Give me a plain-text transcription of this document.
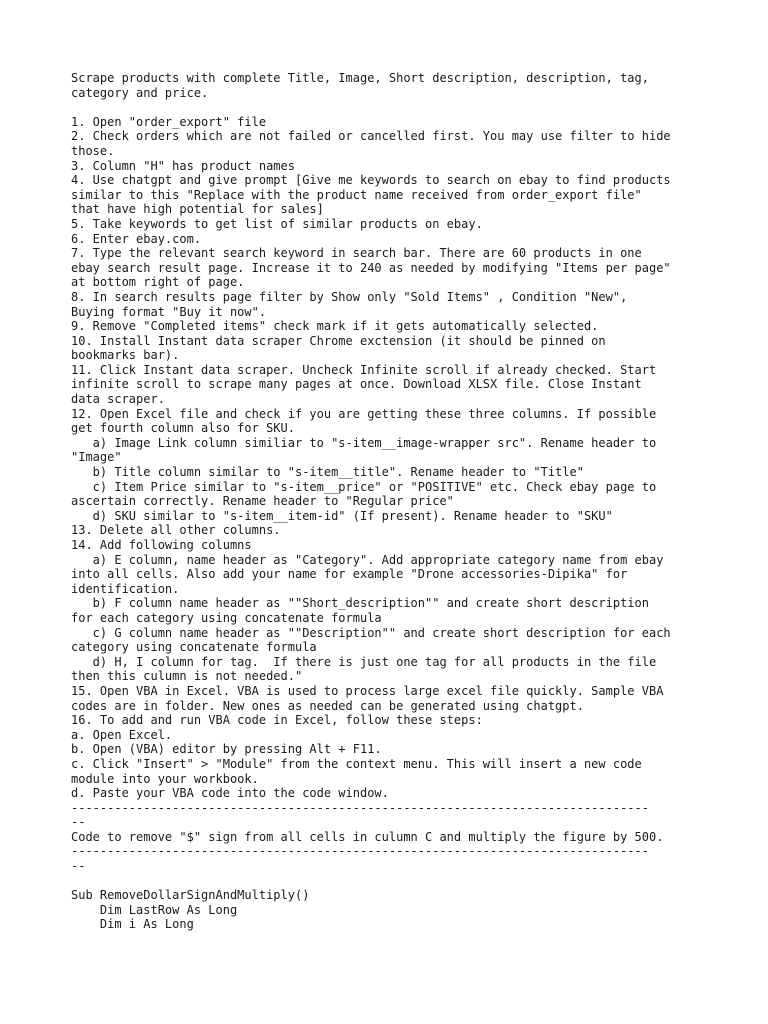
Scrape products with complete Title, Image, Short description, description, tag,
category and price.
1. Open "order_export" file
2. Check orders which are not failed or cancelled first. You may use filter to hide
those.
3. Column "H" has product names
4. Use chatgpt and give prompt [Give me keywords to search on ebay to find products
similar to this "Replace with the product name received from order_export file"
that have high potential for sales]
5. Take keywords to get list of similar products on ebay.
6. Enter ebay.com.
7. Type the relevant search keyword in search bar. There are 60 products in one
ebay search result page. Increase it to 240 as needed by modifying "Items per page"
at bottom right of page.
8. In search results page filter by Show only "Sold Items" , Condition "New",
Buying format "Buy it now".
9. Remove "Completed items" check mark if it gets automatically selected.
10. Install Instant data scraper Chrome exctension (it should be pinned on
bookmarks bar).
11. Click Instant data scraper. Uncheck Infinite scroll if already checked. Start
infinite scroll to scrape many pages at once. Download XLSX file. Close Instant
data scraper.
12. Open Excel file and check if you are getting these three columns. If possible
get fourth column also for SKU.
a) Image Link column similiar to "s-item__image-wrapper src". Rename header to
"Image"
b) Title column similar to "s-item__title". Rename header to "Title"
c) Item Price similar to "s-item__price" or "POSITIVE" etc. Check ebay page to
ascertain correctly. Rename header to "Regular price"
d) SKU similar to "s-item__item-id" (If present). Rename header to "SKU"
13. Delete all other columns.
14. Add following columns
a) E column, name header as "Category". Add appropriate category name from ebay
into all cells. Also add your name for example "Drone accessories-Dipika" for
identification.
b) F column name header as ""Short_description"" and create short description
for each category using concatenate formula
c) G column name header as ""Description"" and create short description for each
category using concatenate formula
d) H, I column for tag.  If there is just one tag for all products in the file
then this culumn is not needed."
15. Open VBA in Excel. VBA is used to process large excel file quickly. Sample VBA
codes are in folder. New ones as needed can be generated using chatgpt.
16. To add and run VBA code in Excel, follow these steps:
a. Open Excel.
b. Open (VBA) editor by pressing Alt + F11.
c. Click "Insert" > "Module" from the context menu. This will insert a new code
module into your workbook.
d. Paste your VBA code into the code window.
--------------------------------------------------------------------------------
--
Code to remove "$" sign from all cells in culumn C and multiply the figure by 500.
--------------------------------------------------------------------------------
--
Sub RemoveDollarSignAndMultiply()
Dim LastRow As Long
Dim i As Long
